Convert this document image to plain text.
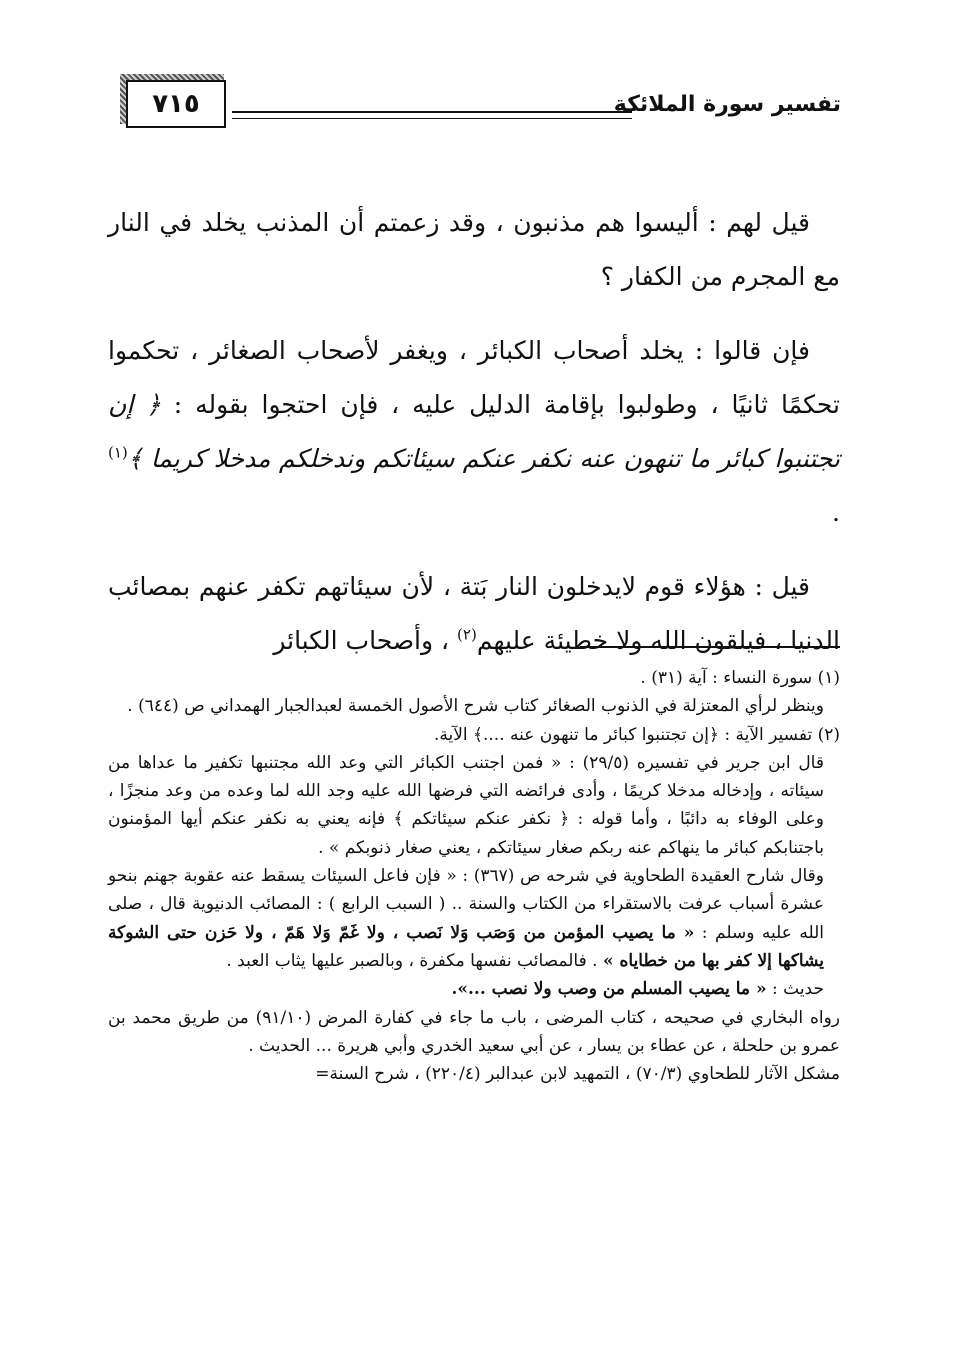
٧١٥	تفسير سورة الملائكة

قيل لهم : أليسوا هم مذنبون ، وقد زعمتم أن المذنب يخلد في النار مع المجرم من الكفار ؟

فإن قالوا : يخلد أصحاب الكبائر ، ويغفر لأصحاب الصغائر ، تحكموا تحكمًا ثانيًا ، وطولبوا بإقامة الدليل عليه ، فإن احتجوا بقوله : ﴿ إن تجتنبوا كبائر ما تنهون عنه نكفر عنكم سيئاتكم وندخلكم مدخلا كريما ﴾$^{(١)}$ .

قيل : هؤلاء قوم لايدخلون النار بَتة ، لأن سيئاتهم تكفر عنهم بمصائب الدنيا ، فيلقون الله ولا خطيئة عليهم$^{(٢)}$ ، وأصحاب الكبائر

(١) سورة النساء : آية (٣١) .

وينظر لرأي المعتزلة في الذنوب الصغائر كتاب شرح الأصول الخمسة لعبدالجبار الهمداني ص (٦٤٤) .

(٢) تفسير الآية : ﴿إن تجتنبوا كبائر ما تنهون عنه ....﴾ الآية.

قال ابن جرير في تفسيره (٢٩/٥) : « فمن اجتنب الكبائر التي وعد الله مجتنبها تكفير ما عداها من سيئاته ، وإدخاله مدخلا كريمًا ، وأدى فرائضه التي فرضها الله عليه وجد الله لما وعده من وعد منجزًا ، وعلى الوفاء به دائبًا ، وأما قوله : ﴿ نكفر عنكم سيئاتكم ﴾ فإنه يعني به نكفر عنكم أيها المؤمنون باجتنابكم كبائر ما ينهاكم عنه ربكم صغار سيئاتكم ، يعني صغار ذنوبكم » .

وقال شارح العقيدة الطحاوية في شرحه ص (٣٦٧) : « فإن فاعل السيئات يسقط عنه عقوبة جهنم بنحو عشرة أسباب عرفت بالاستقراء من الكتاب والسنة .. ( السبب الرابع ) : المصائب الدنيوية قال ، صلى الله عليه وسلم : « ما يصيب المؤمن من وَصَب وَلا نَصب ، ولا غَمّ وَلا هَمّ ، ولا حَزن حتى الشوكة يشاكها إلا كفر بها من خطاياه » . فالمصائب نفسها مكفرة ، وبالصبر عليها يثاب العبد .

حديث : « ما يصيب المسلم من وصب ولا نصب ...».

رواه البخاري في صحيحه ، كتاب المرضى ، باب ما جاء في كفارة المرض (٩١/١٠) من طريق محمد بن عمرو بن حلحلة ، عن عطاء بن يسار ، عن أبي سعيد الخدري وأبي هريرة ... الحديث .

مشكل الآثار للطحاوي (٧٠/٣) ، التمهيد لابن عبدالبر (٢٢٠/٤) ، شرح السنة=
